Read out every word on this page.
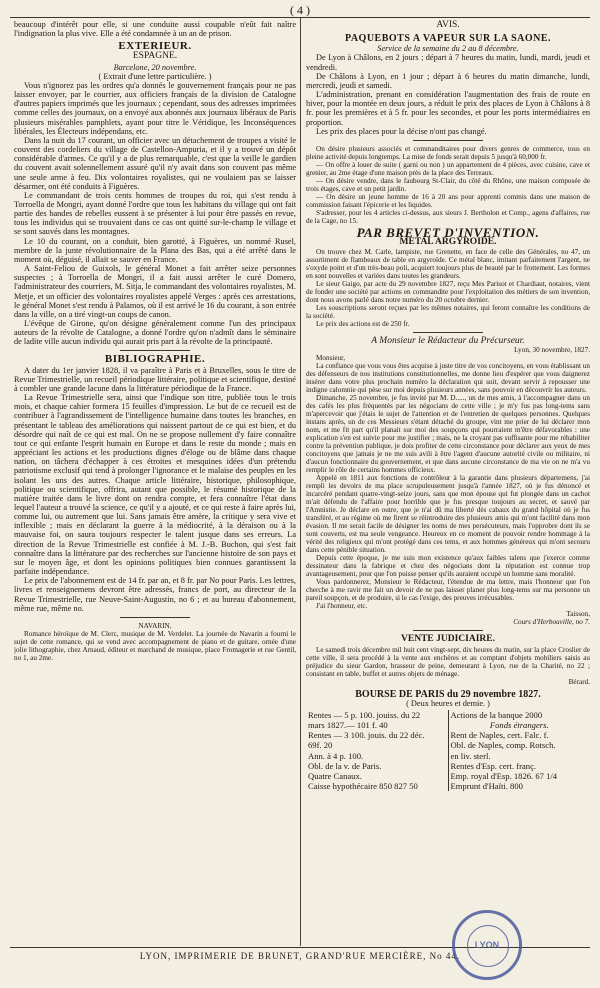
( 4 )

beaucoup d'intérêt pour elle, si une conduite aussi coupable n'eût fait naître l'indignation la plus vive. Elle a été condamnée à un an de prison.

EXTERIEUR.
ESPAGNE.
Barcelone, 20 novembre.
( Extrait d'une lettre particulière. )

Vous n'ignorez pas les ordres qu'a donnés le gouvernement français pour ne pas laisser envoyer, par le courrier, aux officiers français de la division de Catalogne d'autres papiers imprimés que les journaux ; cependant, sous des adresses imprimées comme celles des journaux, on a envoyé aux abonnés aux journaux libéraux de Paris plusieurs misérables pamphlets, ayant pour titre le Véridique, les Inconséquences libérales, les Électeurs indépendans, etc.

Dans la nuit du 17 courant, un officier avec un détachement de troupes a visité le couvent des cordeliers du village de Castellon-Ampuria, et il y a trouvé un dépôt considérable d'armes. Ce qu'il y a de plus remarquable, c'est que la veille le gardien du couvent avait solennellement assuré qu'il n'y avait dans son couvent pas même une seule arme à feu. Dix volontaires royalistes, qui ne voulaient pas se laisser désarmer, ont été conduits à Figuères.

Le commandant de trois cents hommes de troupes du roi, qui s'est rendu à Torroella de Mongri, ayant donné l'ordre que tous les habitans du village qui ont fait partie des bandes de rebelles eussent à se présenter à lui pour être passés en revue, tous les individus qui se trouvaient dans ce cas ont quitté sur-le-champ le village et se sont sauvés dans les montagnes.

Le 10 du courant, on a conduit, bien garotté, à Figuères, un nommé Rusel, membre de la junte révolutionnaire de la Plana des Bas, qui a été arrêté dans le moment où, déguisé, il allait se sauver en France.

A Saint-Feliou de Guixols, le général Monet a fait arrêter seize personnes suspectes ; à Torroella de Mongri, il a fait aussi arrêter le curé Domero, l'administrateur des courriers, M. Sitja, le commandant des volontaires royalistes, M. Metje, et un officier des volontaires royalistes appelé Verges : après ces arrestations, le général Monet s'est rendu à Palamos, où il est arrivé le 16 du courant, à son entrée dans la ville, on a tiré vingt-un coups de canon.

L'évêque de Girone, qu'on désigne généralement comme l'un des principaux auteurs de la révolte de Catalogne, a donné l'ordre qu'on n'admît dans le séminaire de ladite ville aucun individu qui aurait pris part à la révolte de la principauté.

BIBLIOGRAPHIE.

A dater du 1er janvier 1828, il va paraître à Paris et à Bruxelles, sous le titre de Revue Trimestrielle, un recueil périodique littéraire, politique et scientifique, destiné à combler une grande lacune dans la littérature périodique de la France.

La Revue Trimestrielle sera, ainsi que l'indique son titre, publiée tous le trois mois, et chaque cahier formera 15 feuilles d'impression. Le but de ce recueil est de contribuer à l'agrandissement de l'intelligence humaine dans toutes les branches, en présentant le tableau des améliorations qui naissent partout de ce qui est bien, et du désordre qui naît de ce qui est mal. On ne se propose nullement d'y faire connaître tout ce qui enfante l'esprit humain en Europe et dans le reste du monde ; mais en appréciant les actions et les productions dignes d'éloge ou de blâme dans chaque nation, on tâchera d'échapper à ces étroites et mesquines idées d'un prétendu patriotisme exclusif qui tend à prolonger l'ignorance et le malaise des peuples en les isolant les uns des autres. Chaque article littéraire, historique, philosophique, politique ou scientifique, offrira, autant que possible, le résumé historique de la matière traitée dans le livre dont on rendra compte, et fera connaître l'état dans lequel l'auteur a trouvé la science, ce qu'il y a ajouté, et ce qui reste à faire après lui, comme lui, ou autrement que lui. Sans jamais être amère, la critique y sera vive et inflexible ; mais en déclarant la guerre à la médiocrité, à la déraison ou à la mauvaise foi, on saura toujours respecter le talent jusque dans ses erreurs. La direction de la Revue Trimestrielle est confiée à M. J.-B. Buchon, qui s'est fait connaître dans la littérature par des recherches sur l'ancienne histoire de son pays et sur le moyen âge, et dont les opinions politiques bien connues garantissent la parfaite indépendance.

Le prix de l'abonnement est de 14 fr. par an, et 8 fr. par No pour Paris. Les lettres, livres et renseignemens devront être adressés, francs de port, au directeur de la Revue Trimestrielle, rue Neuve-Saint-Augustin, no 6 ; et au bureau d'abonnement, même rue, même no.

NAVARIN,

Romance héroïque de M. Clerc, musique de M. Verdelet. La journée de Navarin a fourni le sujet de cette romance, qui se vend avec accompagnement de piano et de guitare, ornée d'une jolie lithographie, chez Arnaud, éditeur et marchand de musique, place Fromagerie et rue Gentil, no 1, au 2me.

AVIS.
PAQUEBOTS A VAPEUR SUR LA SAONE.
Service de la semaine du 2 au 8 décembre.

De Lyon à Châlons, en 2 jours ; départ à 7 heures du matin, lundi, mardi, jeudi et vendredi.

De Châlons à Lyon, en 1 jour ; départ à 6 heures du matin dimanche, lundi, mercredi, jeudi et samedi.

L'administration, prenant en considération l'augmentation des frais de route en hiver, pour la montée en deux jours, a réduit le prix des places de Lyon à Châlons à 8 fr. pour les premières et à 5 fr. pour les secondes, et pour les ports intermédiaires en proportion.

Les prix des places pour la décise n'ont pas changé.

On désire plusieurs associés et commanditaires pour divers genres de commerce, tous en pleine activité depuis longtemps. La mise de fonds serait depuis 5 jusqu'à 60,000 fr.

— On offre à louer de suite ( garni ou non ) un appartement de 4 pièces, avec cuisine, cave et grenier, au 2me étage d'une maison près de la place des Terreaux.

— On désire vendre, dans le faubourg St-Clair, du côté du Rhône, une maison composée de trois étages, cave et un petit jardin.

— On désire un jeune homme de 16 à 20 ans pour apprenti commis dans une maison de commission faisant l'épicerie et les liquides.

S'adresser, pour les 4 articles ci-dessus, aux sieurs J. Bertholon et Comp., agens d'affaires, rue de la Cage, no 15.

PAR BREVET D'INVENTION.
METAL ARGYROIDE.

On trouve chez M. Carle, lampiste, rue Grenette, en face de celle des Générales, no 47, un assortiment de flambeaux de table en argyroïde. Ce métal blanc, imitant parfaitement l'argent, ne s'oxyde point et d'un très-beau poli, acquiert toujours plus de beauté par le frottement. Les formes en sont nouvelles et variées dans toutes les grandeurs.

Le sieur Gaigo, par acte du 29 novembre 1827, reçu Mes Parisot et Chardiaut, notaires, vient de fonder une société par actions en commandite pour l'exploitation des métiers de son invention, dont nous avons parlé dans notre numéro du 20 octobre dernier.

Les souscriptions seront reçues par les mêmes notaires, qui feront connaître les conditions de la société.

Le prix des actions est de 250 fr.

A Monsieur le Rédacteur du Précurseur.
Lyon, 30 novembre, 1827.

Monsieur,

La confiance que vous vous êtes acquise à juste titre de vos concitoyens, en vous établissant un des défenseurs de nos institutions constitutionnelles, me donne lieu d'espérer que vous daignerez insérer dans votre plus prochain numéro la déclaration qui suit, devant servir à repousser une indigne calomnie qui pèse sur moi depuis plusieurs années, sans pouvoir en découvrir les auteurs.

Dimanche, 25 novembre, je fus invité par M. D....., un de mes amis, à l'accompagner dans un des cafés les plus fréquentés par les négocians de cette ville ; je m'y fus pas long-tems sans m'apercevoir que j'étais le sujet de l'attention et de l'entretien de quelques personnes. Quelques instans après, un de ces Messieurs s'étant détaché du groupe, vint me prier de lui déclarer mon nom, et me fit part qu'il planait sur moi des soupçons qui pourraient m'être défavorables : une explication s'en est suivie pour me justifier ; mais, ne la croyant pas suffisante pour me réhabiliter contre la prévention publique, je dois profiter de cette circonstance pour déclarer aux yeux de mes concitoyens que jamais je ne me suis avili à être l'agent d'aucune autorité civile ou militaire, ni d'aucun fonctionnaire du gouvernement, et que dans aucune circonstance de ma vie on ne m'a vu remplir le rôle de certains hommes officieux.

Appelé en 1811 aux fonctions de contrôleur à la garantie dans plusieurs départemens, j'ai rempli les devoirs de ma place scrupuleusement jusqu'à l'année 1827, où je fus dénoncé et incarcéré pendant quatre-vingt-seize jours, sans que mon épouse qui fut plongée dans un cachot m'ait défendu de l'affaire pour horrible que je fus presque toujours au secret, et sauvé par l'Amnistie. Je déclare en outre, que je n'ai dû ma liberté dès cabaux du grand hôpital où je fus transféré, et au régime où me firent se réintroduire des plusieurs amis qui m'ont facilité dans mon évasion. Il me serait facile de désigner les noms de mes persécuteurs, mais l'opprobre dont ils se sont couverts, est ma seule vengeance. Heureux en ce moment de pouvoir rendre hommage à la vérité des religieux qui m'ont protégé dans ces tems, et aux hommes généreux qui m'ont secouru dans cette pénible situation.

Depuis cette époque, je me suis mon existence qu'aux faibles talens que j'exerce comme dessinateur dans la fabrique et chez des négocians dont la réputation est connue trop avantageusement, pour que l'on puisse penser qu'ils auraient occupé un homme sans moralité.

Vous pardonnerez, Monsieur le Rédacteur, l'étendue de ma lettre, mais l'honneur que l'on cherche à me ravir me fait un devoir de ne pas laisser planer plus long-tems sur ma personne un pareil soupçon, et de produire, si le cas l'exige, des preuves irrécusables.

J'ai l'honneur, etc.

Taisson,
Cours d'Herbouville, no 7.
VENTE JUDICIAIRE.

Le samedi trois décembre mil huit cent vingt-sept, dix heures du matin, sur la place Croslier de cette ville, il sera procédé à la vente aux enchères et au comptant d'objets mobiliers saisis au préjudice du sieur Gardon, brasseur de peine, demeurant à Lyon, rue de la Charité, no 22 ; consistant en table, buffet et autres objets de ménage.

Bérard.
BOURSE DE PARIS du 29 novembre 1827.
( Deux heures et demie. )
Rentes — 5 p. 100. jouiss. du 22	Actions de la banque 2000
mars 1827.— 101 f. 40	Fonds étrangers.
Rentes — 3 100. jouis. du 22 déc.	Rent de Naples, cert. Falc. f.
69f. 20	Obl. de Naples, comp. Rotsch.
Ann. à 4 p. 100.	en liv. sterl.
Obl. de la v. de Paris.	Rentes d'Esp. cert. franç.
Quatre Canaux.	Emp. royal d'Esp. 1826. 67 1/4
Caisse hypothécaire 850 827 50	Emprunt d'Haïti. 800
LYON, IMPRIMERIE DE BRUNET, GRAND'RUE MERCIÈRE, No 44.
LYON
